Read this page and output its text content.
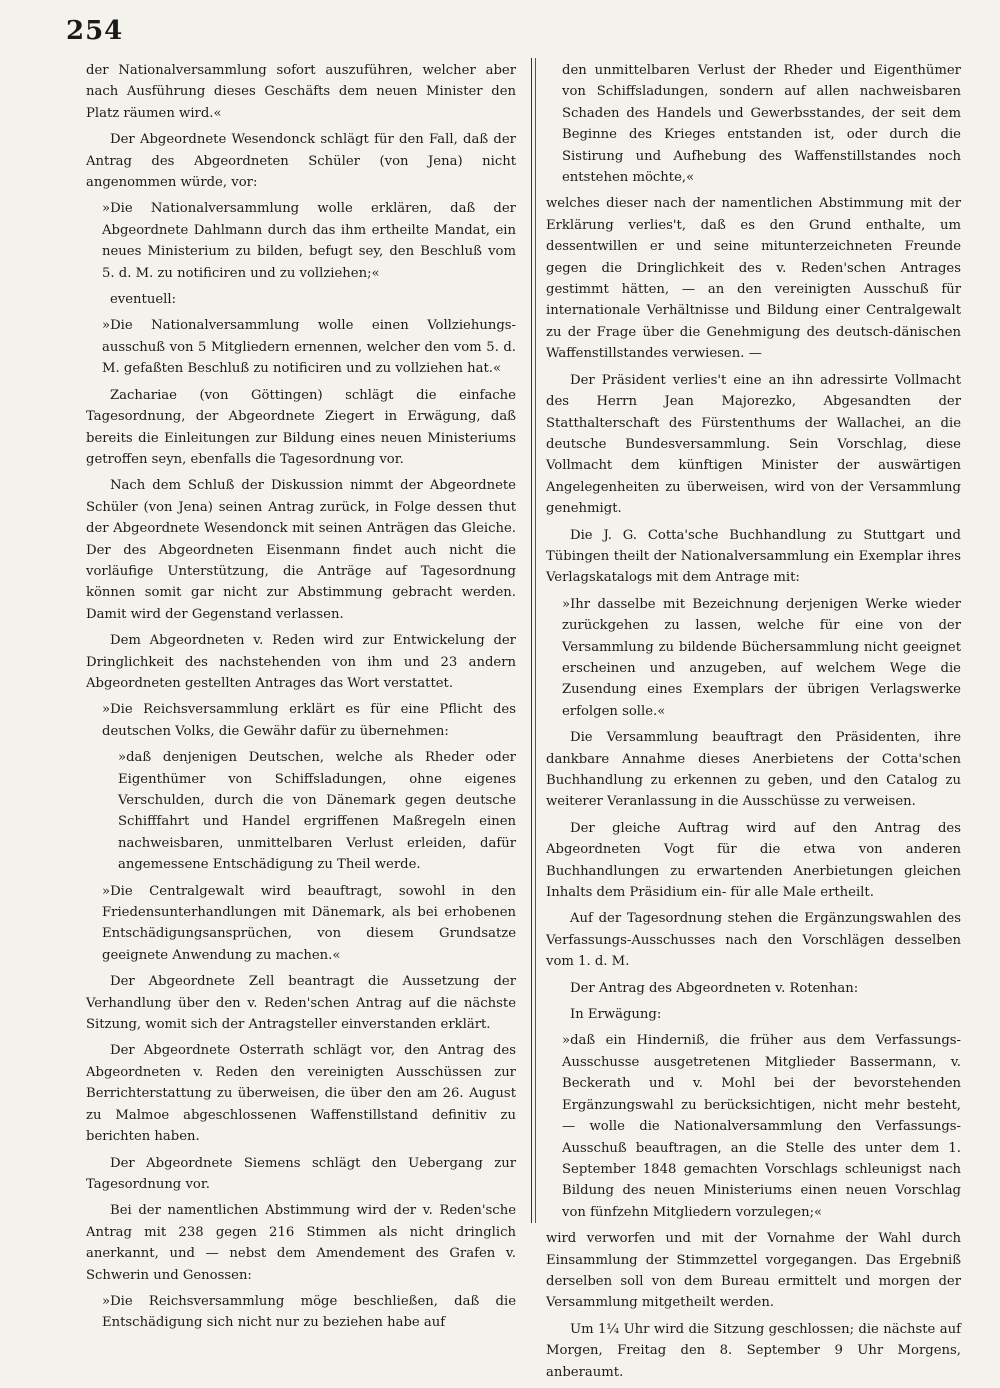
254

der Nationalversammlung sofort auszuführen, welcher aber nach Ausführung dieses Geschäfts dem neuen Minister den Platz räumen wird.«

Der Abgeordnete Wesendonck schlägt für den Fall, daß der Antrag des Abgeordneten Schüler (von Jena) nicht angenommen würde, vor:

»Die Nationalversammlung wolle erklären, daß der Abgeordnete Dahlmann durch das ihm ertheilte Mandat, ein neues Ministerium zu bilden, befugt sey, den Beschluß vom 5. d. M. zu notificiren und zu vollziehen;«

eventuell:

»Die Nationalversammlung wolle einen Vollziehungs-ausschuß von 5 Mitgliedern ernennen, welcher den vom 5. d. M. gefaßten Beschluß zu notificiren und zu vollziehen hat.«

Zachariae (von Göttingen) schlägt die einfache Tagesordnung, der Abgeordnete Ziegert in Erwägung, daß bereits die Einleitungen zur Bildung eines neuen Ministeriums getroffen seyn, ebenfalls die Tagesordnung vor.

Nach dem Schluß der Diskussion nimmt der Abgeordnete Schüler (von Jena) seinen Antrag zurück, in Folge dessen thut der Abgeordnete Wesendonck mit seinen Anträgen das Gleiche. Der des Abgeordneten Eisenmann findet auch nicht die vorläufige Unterstützung, die Anträge auf Tagesordnung können somit gar nicht zur Abstimmung gebracht werden. Damit wird der Gegenstand verlassen.

Dem Abgeordneten v. Reden wird zur Entwickelung der Dringlichkeit des nachstehenden von ihm und 23 andern Abgeordneten gestellten Antrages das Wort verstattet.

»Die Reichsversammlung erklärt es für eine Pflicht des deutschen Volks, die Gewähr dafür zu übernehmen:

»daß denjenigen Deutschen, welche als Rheder oder Eigenthümer von Schiffsladungen, ohne eigenes Verschulden, durch die von Dänemark gegen deutsche Schifffahrt und Handel ergriffenen Maßregeln einen nachweisbaren, unmittelbaren Verlust erleiden, dafür angemessene Entschädigung zu Theil werde.

»Die Centralgewalt wird beauftragt, sowohl in den Friedensunterhandlungen mit Dänemark, als bei erhobenen Entschädigungsansprüchen, von diesem Grundsatze geeignete Anwendung zu machen.«

Der Abgeordnete Zell beantragt die Aussetzung der Verhandlung über den v. Reden'schen Antrag auf die nächste Sitzung, womit sich der Antragsteller einverstanden erklärt.

Der Abgeordnete Osterrath schlägt vor, den Antrag des Abgeordneten v. Reden den vereinigten Ausschüssen zur Berrichterstattung zu überweisen, die über den am 26. August zu Malmoe abgeschlossenen Waffenstillstand definitiv zu berichten haben.

Der Abgeordnete Siemens schlägt den Uebergang zur Tagesordnung vor.

Bei der namentlichen Abstimmung wird der v. Reden'sche Antrag mit 238 gegen 216 Stimmen als nicht dringlich anerkannt, und — nebst dem Amendement des Grafen v. Schwerin und Genossen:

»Die Reichsversammlung möge beschließen, daß die Entschädigung sich nicht nur zu beziehen habe auf

den unmittelbaren Verlust der Rheder und Eigenthümer von Schiffsladungen, sondern auf allen nachweisbaren Schaden des Handels und Gewerbsstandes, der seit dem Beginne des Krieges entstanden ist, oder durch die Sistirung und Aufhebung des Waffenstillstandes noch entstehen möchte,«

welches dieser nach der namentlichen Abstimmung mit der Erklärung verlies't, daß es den Grund enthalte, um dessentwillen er und seine mitunterzeichneten Freunde gegen die Dringlichkeit des v. Reden'schen Antrages gestimmt hätten, — an den vereinigten Ausschuß für internationale Verhältnisse und Bildung einer Centralgewalt zu der Frage über die Genehmigung des deutsch-dänischen Waffenstillstandes verwiesen. —

Der Präsident verlies't eine an ihn adressirte Vollmacht des Herrn Jean Majorezko, Abgesandten der Statthalterschaft des Fürstenthums der Wallachei, an die deutsche Bundesversammlung. Sein Vorschlag, diese Vollmacht dem künftigen Minister der auswärtigen Angelegenheiten zu überweisen, wird von der Versammlung genehmigt.

Die J. G. Cotta'sche Buchhandlung zu Stuttgart und Tübingen theilt der Nationalversammlung ein Exemplar ihres Verlagskatalogs mit dem Antrage mit:

»Ihr dasselbe mit Bezeichnung derjenigen Werke wieder zurückgehen zu lassen, welche für eine von der Versammlung zu bildende Büchersammlung nicht geeignet erscheinen und anzugeben, auf welchem Wege die Zusendung eines Exemplars der übrigen Verlagswerke erfolgen solle.«

Die Versammlung beauftragt den Präsidenten, ihre dankbare Annahme dieses Anerbietens der Cotta'schen Buchhandlung zu erkennen zu geben, und den Catalog zu weiterer Veranlassung in die Ausschüsse zu verweisen.

Der gleiche Auftrag wird auf den Antrag des Abgeordneten Vogt für die etwa von anderen Buchhandlungen zu erwartenden Anerbietungen gleichen Inhalts dem Präsidium ein- für alle Male ertheilt.

Auf der Tagesordnung stehen die Ergänzungswahlen des Verfassungs-Ausschusses nach den Vorschlägen desselben vom 1. d. M.

Der Antrag des Abgeordneten v. Rotenhan:

In Erwägung:

»daß ein Hinderniß, die früher aus dem Verfassungs-Ausschusse ausgetretenen Mitglieder Bassermann, v. Beckerath und v. Mohl bei der bevorstehenden Ergänzungswahl zu berücksichtigen, nicht mehr besteht, — wolle die Nationalversammlung den Verfassungs-Ausschuß beauftragen, an die Stelle des unter dem 1. September 1848 gemachten Vorschlags schleunigst nach Bildung des neuen Ministeriums einen neuen Vorschlag von fünfzehn Mitgliedern vorzulegen;«

wird verworfen und mit der Vornahme der Wahl durch Einsammlung der Stimmzettel vorgegangen. Das Ergebniß derselben soll von dem Bureau ermittelt und morgen der Versammlung mitgetheilt werden.

Um 1¼ Uhr wird die Sitzung geschlossen; die nächste auf Morgen, Freitag den 8. September 9 Uhr Morgens, anberaumt.
